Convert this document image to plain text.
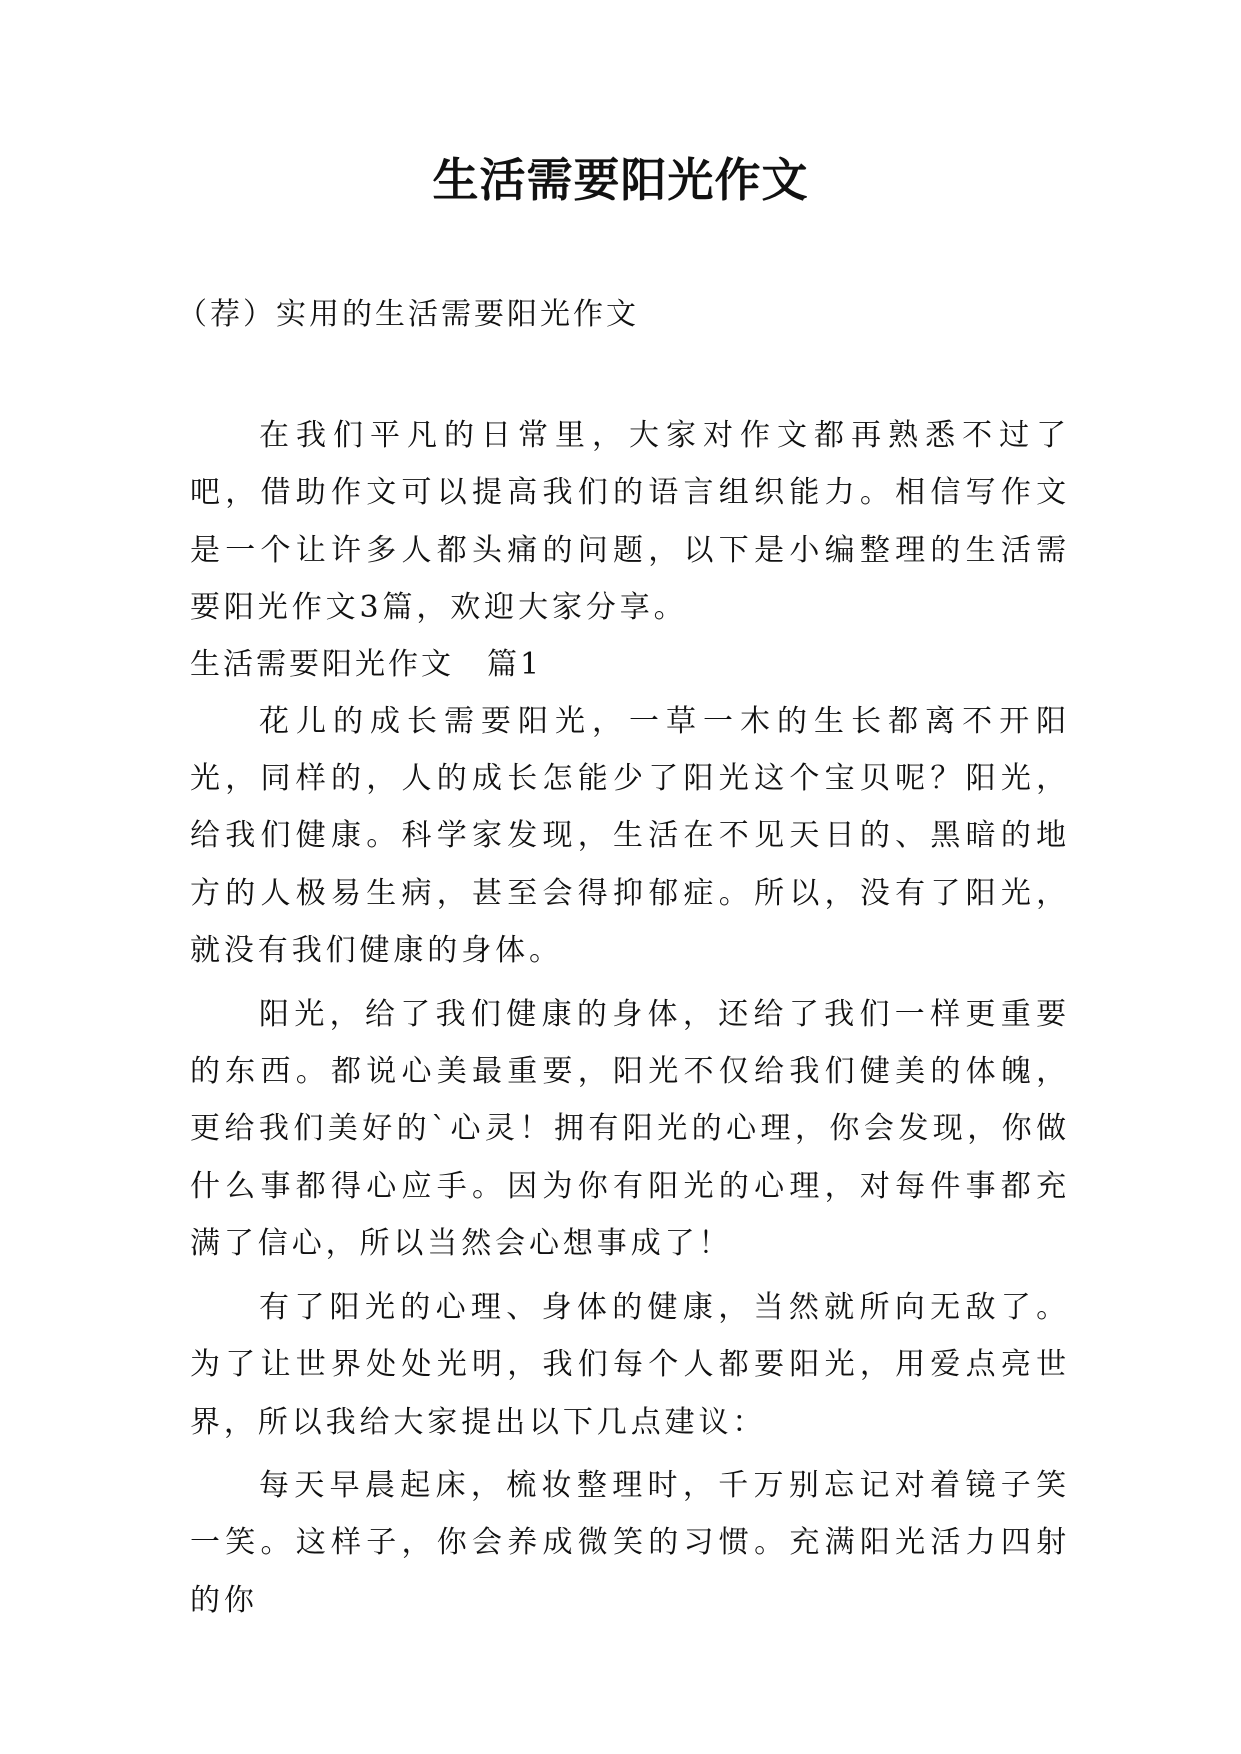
生活需要阳光作文
（荐）实用的生活需要阳光作文

在我们平凡的日常里，大家对作文都再熟悉不过了吧，借助作文可以提高我们的语言组织能力。相信写作文是一个让许多人都头痛的问题，以下是小编整理的生活需要阳光作文3篇，欢迎大家分享。

生活需要阳光作文　篇1

花儿的成长需要阳光，一草一木的生长都离不开阳光，同样的，人的成长怎能少了阳光这个宝贝呢？阳光，给我们健康。科学家发现，生活在不见天日的、黑暗的地方的人极易生病，甚至会得抑郁症。所以，没有了阳光，就没有我们健康的身体。

阳光，给了我们健康的身体，还给了我们一样更重要的东西。都说心美最重要，阳光不仅给我们健美的体魄，更给我们美好的`心灵！拥有阳光的心理，你会发现，你做什么事都得心应手。因为你有阳光的心理，对每件事都充满了信心，所以当然会心想事成了！

有了阳光的心理、身体的健康，当然就所向无敌了。为了让世界处处光明，我们每个人都要阳光，用爱点亮世界，所以我给大家提出以下几点建议：

每天早晨起床，梳妆整理时，千万别忘记对着镜子笑一笑。这样子，你会养成微笑的习惯。充满阳光活力四射的你
